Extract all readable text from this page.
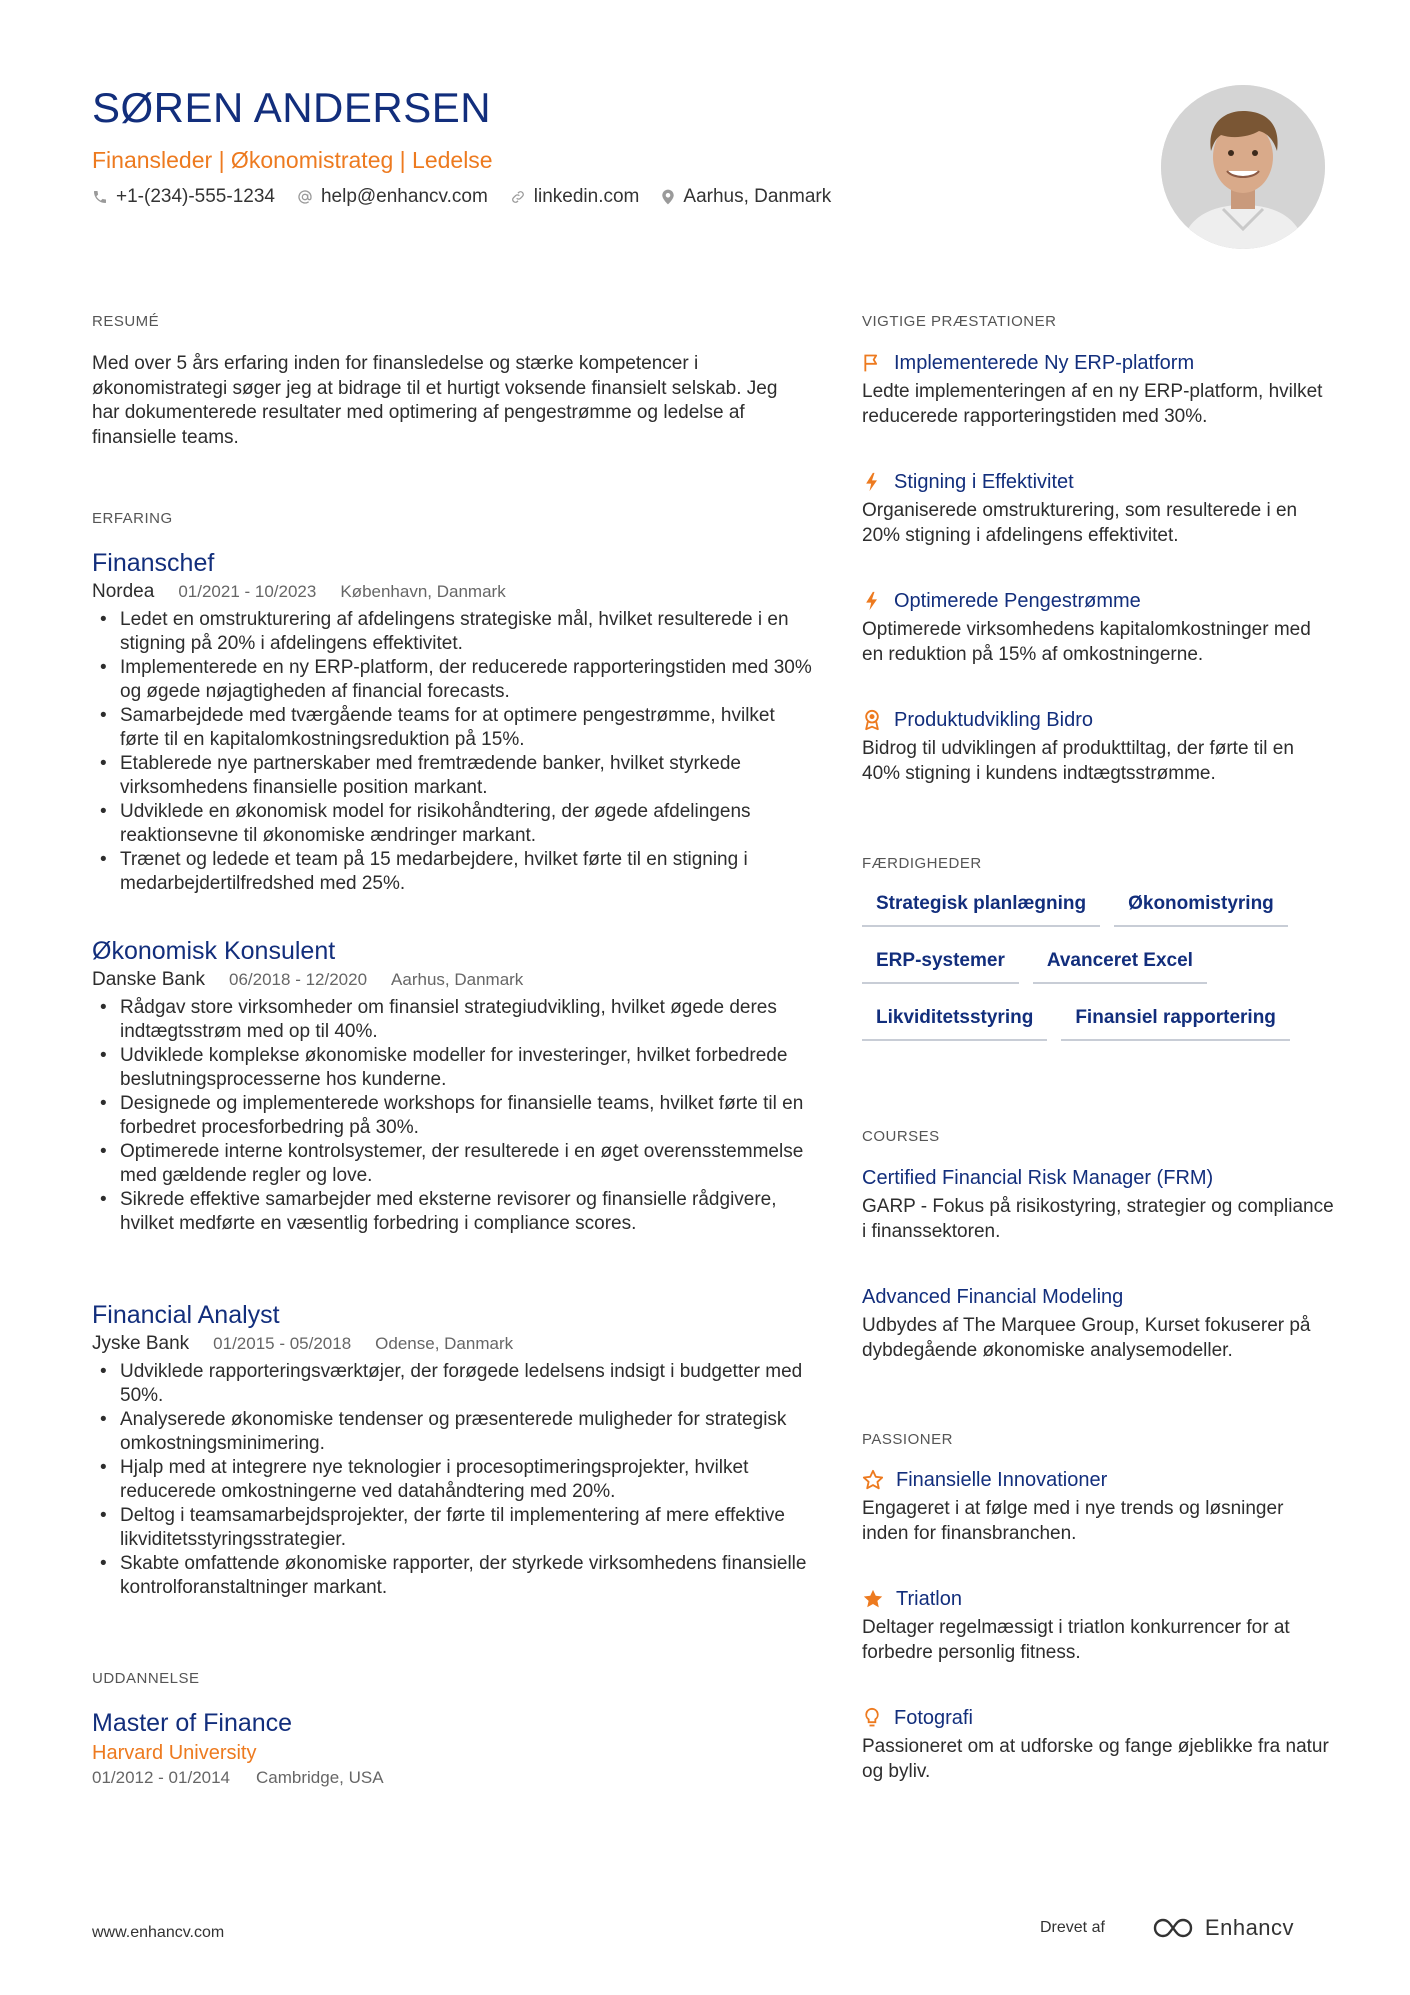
SØREN ANDERSEN
Finansleder | Økonomistrateg | Ledelse
+1-(234)-555-1234 help@enhancv.com linkedin.com Aarhus, Danmark
RESUMÉ

Med over 5 års erfaring inden for finansledelse og stærke kompetencer i økonomistrategi søger jeg at bidrage til et hurtigt voksende finansielt selskab. Jeg har dokumenterede resultater med optimering af pengestrømme og ledelse af finansielle teams.

ERFARING
Finanschef
Nordea 01/2021 - 10/2023 København, Danmark
• Ledet en omstrukturering af afdelingens strategiske mål, hvilket resulterede i en stigning på 20% i afdelingens effektivitet.
• Implementerede en ny ERP-platform, der reducerede rapporteringstiden med 30% og øgede nøjagtigheden af financial forecasts.
• Samarbejdede med tværgående teams for at optimere pengestrømme, hvilket førte til en kapitalomkostningsreduktion på 15%.
• Etablerede nye partnerskaber med fremtrædende banker, hvilket styrkede virksomhedens finansielle position markant.
• Udviklede en økonomisk model for risikohåndtering, der øgede afdelingens reaktionsevne til økonomiske ændringer markant.
• Trænet og ledede et team på 15 medarbejdere, hvilket førte til en stigning i medarbejdertilfredshed med 25%.
Økonomisk Konsulent
Danske Bank 06/2018 - 12/2020 Aarhus, Danmark
• Rådgav store virksomheder om finansiel strategiudvikling, hvilket øgede deres indtægtsstrøm med op til 40%.
• Udviklede komplekse økonomiske modeller for investeringer, hvilket forbedrede beslutningsprocesserne hos kunderne.
• Designede og implementerede workshops for finansielle teams, hvilket førte til en forbedret procesforbedring på 30%.
• Optimerede interne kontrolsystemer, der resulterede i en øget overensstemmelse med gældende regler og love.
• Sikrede effektive samarbejder med eksterne revisorer og finansielle rådgivere, hvilket medførte en væsentlig forbedring i compliance scores.
Financial Analyst
Jyske Bank 01/2015 - 05/2018 Odense, Danmark
• Udviklede rapporteringsværktøjer, der forøgede ledelsens indsigt i budgetter med 50%.
• Analyserede økonomiske tendenser og præsenterede muligheder for strategisk omkostningsminimering.
• Hjalp med at integrere nye teknologier i procesoptimeringsprojekter, hvilket reducerede omkostningerne ved datahåndtering med 20%.
• Deltog i teamsamarbejdsprojekter, der førte til implementering af mere effektive likviditetsstyringsstrategier.
• Skabte omfattende økonomiske rapporter, der styrkede virksomhedens finansielle kontrolforanstaltninger markant.
UDDANNELSE
Master of Finance
Harvard University
01/2012 - 01/2014 Cambridge, USA
VIGTIGE PRÆSTATIONER
Implementerede Ny ERP-platform
Ledte implementeringen af en ny ERP-platform, hvilket reducerede rapporteringstiden med 30%.
Stigning i Effektivitet
Organiserede omstrukturering, som resulterede i en 20% stigning i afdelingens effektivitet.
Optimerede Pengestrømme
Optimerede virksomhedens kapitalomkostninger med en reduktion på 15% af omkostningerne.
Produktudvikling Bidro
Bidrog til udviklingen af produkttiltag, der førte til en 40% stigning i kundens indtægtsstrømme.
FÆRDIGHEDER
Strategisk planlægning	Økonomistyring
ERP-systemer	Avanceret Excel
Likviditetsstyring	Finansiel rapportering
COURSES
Certified Financial Risk Manager (FRM)
GARP - Fokus på risikostyring, strategier og compliance i finanssektoren.
Advanced Financial Modeling
Udbydes af The Marquee Group, Kurset fokuserer på dybdegående økonomiske analysemodeller.
PASSIONER
Finansielle Innovationer
Engageret i at følge med i nye trends og løsninger inden for finansbranchen.
Triatlon
Deltager regelmæssigt i triatlon konkurrencer for at forbedre personlig fitness.
Fotografi
Passioneret om at udforske og fange øjeblikke fra natur og byliv.
www.enhancv.com	Drevet af	Enhancv
